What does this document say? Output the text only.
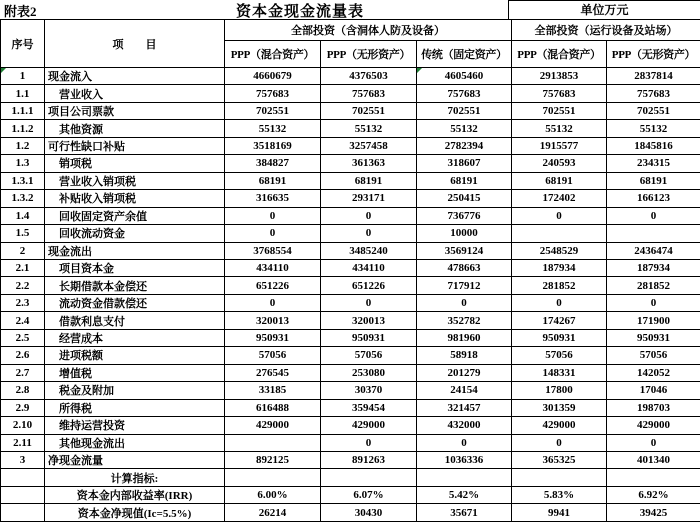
附表2	资本金现金流量表	单位万元
序号	项　　目	全部投资（含洞体人防及设备）			全部投资（运行设备及站场）	
		PPP（混合资产）	PPP（无形资产）	传统（固定资产）	PPP（混合资产）	PPP（无形资产）

1	现金流入	4660679	4376503	4605460	2913853	2837814
1.1	营业收入	757683	757683	757683	757683	757683
1.1.1	项目公司票款	702551	702551	702551	702551	702551
1.1.2	其他资源	55132	55132	55132	55132	55132
1.2	可行性缺口补贴	3518169	3257458	2782394	1915577	1845816
1.3	销项税	384827	361363	318607	240593	234315
1.3.1	营业收入销项税	68191	68191	68191	68191	68191
1.3.2	补贴收入销项税	316635	293171	250415	172402	166123
1.4	回收固定资产余值	0	0	736776	0	0
1.5	回收流动资金	0	0	10000		
2	现金流出	3768554	3485240	3569124	2548529	2436474
2.1	项目资本金	434110	434110	478663	187934	187934
2.2	长期借款本金偿还	651226	651226	717912	281852	281852
2.3	流动资金借款偿还	0	0	0	0	0
2.4	借款利息支付	320013	320013	352782	174267	171900
2.5	经营成本	950931	950931	981960	950931	950931
2.6	进项税额	57056	57056	58918	57056	57056
2.7	增值税	276545	253080	201279	148331	142052
2.8	税金及附加	33185	30370	24154	17800	17046
2.9	所得税	616488	359454	321457	301359	198703
2.10	维持运营投资	429000	429000	432000	429000	429000
2.11	其他现金流出		0	0	0	0
3	净现金流量	892125	891263	1036336	365325	401340
	计算指标:					
	资本金内部收益率(IRR)	6.00%	6.07%	5.42%	5.83%	6.92%
	资本金净现值(Ic=5.5%)	26214	30430	35671	9941	39425
